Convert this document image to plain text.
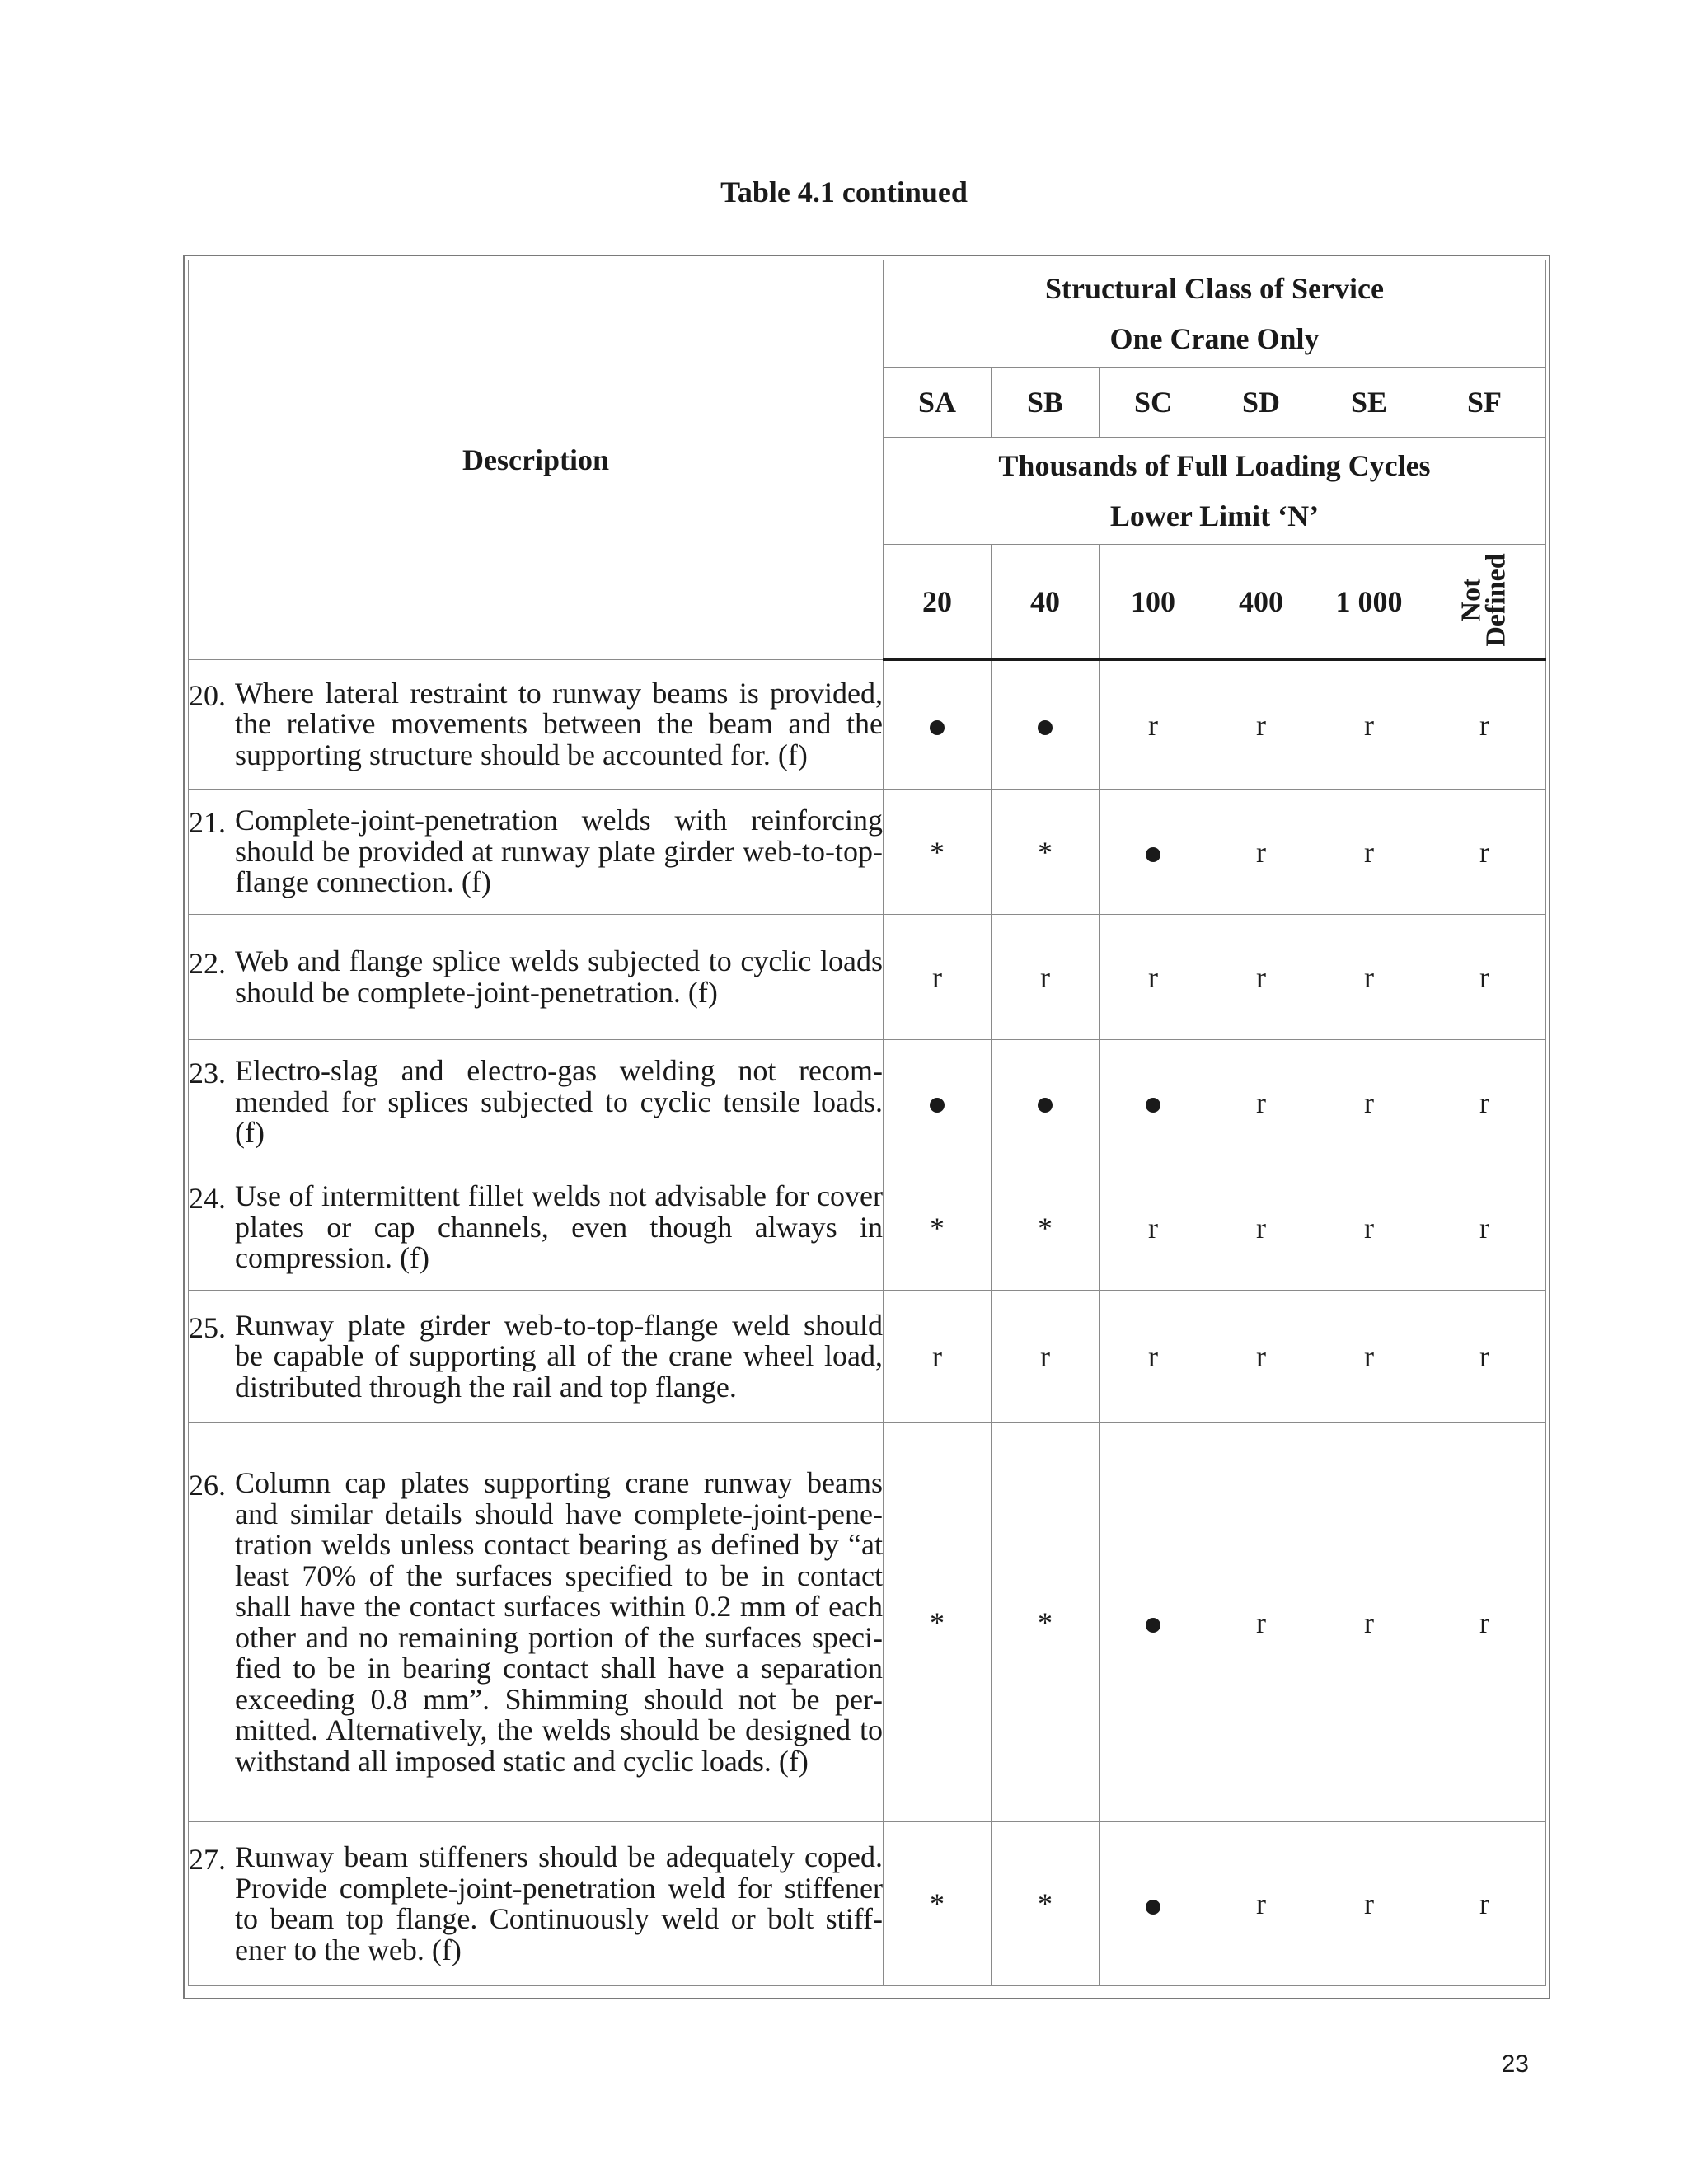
Table 4.1 continued
Description	Structural Class of Service
One Crane Only					

	SA	SB	SC	SD	SE	SF

	Thousands of Full Loading Cycles
Lower Limit ‘N’					

	20	40	100	400	1 000	Not
Defined

20. Where lateral restraint to runway beams is provided, the relative movements between the beam and the supporting structure should be accounted for. (f)			r	r	r	r

21. Complete-joint-penetration welds with reinforcing should be provided at runway plate girder web-to-top-flange connection. (f)	*	*		r	r	r

22. Web and flange splice welds subjected to cyclic loads should be complete-joint-penetration. (f)	r	r	r	r	r	r

23. Electro-slag and electro-gas welding not recommended for splices subjected to cyclic tensile loads. (f)				r	r	r

24. Use of intermittent fillet welds not advisable for cover plates or cap channels, even though always in compression. (f)	*	*	r	r	r	r

25. Runway plate girder web-to-top-flange weld should be capable of supporting all of the crane wheel load, distributed through the rail and top flange.	r	r	r	r	r	r

26. Column cap plates supporting crane runway beams and similar details should have complete-joint-penetration welds unless contact bearing as defined by “at least 70% of the surfaces specified to be in contact shall have the contact surfaces within 0.2 mm of each other and no remaining portion of the surfaces specified to be in bearing contact shall have a separation exceeding 0.8 mm”. Shimming should not be permitted. Alternatively, the welds should be designed to withstand all imposed static and cyclic loads. (f)	*	*		r	r	r

27. Runway beam stiffeners should be adequately coped. Provide complete-joint-penetration weld for stiffener to beam top flange. Continuously weld or bolt stiffener to the web. (f)	*	*		r	r	r
23
